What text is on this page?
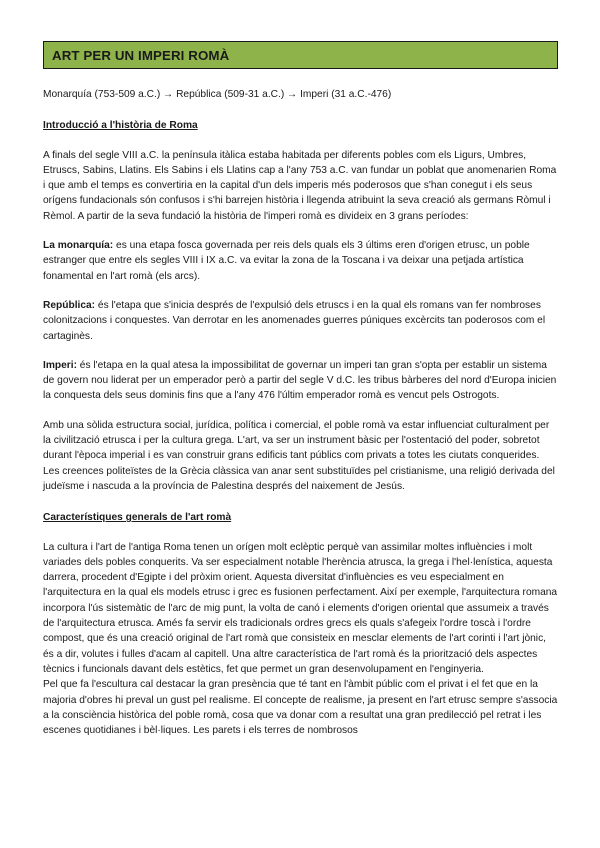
ART PER UN IMPERI ROMÀ

Monarquía (753-509 a.C.) → República (509-31 a.C.) → Imperi (31 a.C.-476)

Introducció a l'història de Roma

A finals del segle VIII a.C. la península itàlica estaba habitada per diferents pobles com els Ligurs, Umbres, Etruscs, Sabins, Llatins. Els Sabins i els Llatins cap a l'any 753 a.C. van fundar un poblat que anomenarien Roma i que amb el temps es convertiria en la capital d'un dels imperis més poderosos que s'han conegut i els seus orígens fundacionals són confusos i s'hi barrejen història i llegenda atribuint la seva creació als germans Ròmul i Rèmol. A partir de la seva fundació la història de l'imperi romà es divideix en 3 grans períodes:

La monarquía: es una etapa fosca governada per reis dels quals els 3 últims eren d'origen etrusc, un poble estranger que entre els segles VIII i IX a.C. va evitar la zona de la Toscana i va deixar una petjada artística fonamental en l'art romà (els arcs).

República: és l'etapa que s'inicia després de l'expulsió dels etruscs i en la qual els romans van fer nombroses colonitzacions i conquestes. Van derrotar en les anomenades guerres púniques excèrcits tan poderosos com el cartaginès.

Imperi: és l'etapa en la qual atesa la impossibilitat de governar un imperi tan gran s'opta per establir un sistema de govern nou liderat per un emperador però a partir del segle V d.C. les tribus bàrberes del nord d'Europa inicien la conquesta dels seus dominis fins que a l'any 476 l'últim emperador romà es vencut pels Ostrogots.

Amb una sòlida estructura social, jurídica, política i comercial, el poble romà va estar influenciat culturalment per la civilització etrusca i per la cultura grega. L'art, va ser un instrument bàsic per l'ostentació del poder, sobretot durant l'època imperial i es van construir grans edificis tant públics com privats a totes les ciutats conquerides. Les creences politeïstes de la Grècia clàssica van anar sent substituïdes pel cristianisme, una religió derivada del judeïsme i nascuda a la província de Palestina després del naixement de Jesús.

Característiques generals de l'art romà

La cultura i l'art de l'antiga Roma tenen un orígen molt eclèptic perquè van assimilar moltes influències i molt variades dels pobles conquerits. Va ser especialment notable l'herència atrusca, la grega i l'hel·lenística, aquesta darrera, procedent d'Egipte i del pròxim orient. Aquesta diversitat d'influències es veu especialment en l'arquitectura en la qual els models etrusc i grec es fusionen perfectament. Així per exemple, l'arquitectura romana incorpora l'ús sistemàtic de l'arc de mig punt, la volta de canó i elements d'origen oriental que assumeix a través de l'arquitectura etrusca. Amés fa servir els tradicionals ordres grecs els quals s'afegeix l'ordre toscà i l'ordre compost, que és una creació original de l'art romà que consisteix en mesclar elements de l'art corinti i l'art jònic, és a dir, volutes i fulles d'acam al capitell. Una altre característica de l'art romà és la priorització dels aspectes tècnics i funcionals davant dels estètics, fet que permet un gran desenvolupament en l'enginyeria.

Pel que fa l'escultura cal destacar la gran presència que té tant en l'àmbit públic com el privat i el fet que en la majoria d'obres hi preval un gust pel realisme. El concepte de realisme, ja present en l'art etrusc sempre s'associa a la consciència històrica del poble romà, cosa que va donar com a resultat una gran predilecció pel retrat i les escenes quotidianes i bèl·liques. Les parets i els terres de nombrosos
